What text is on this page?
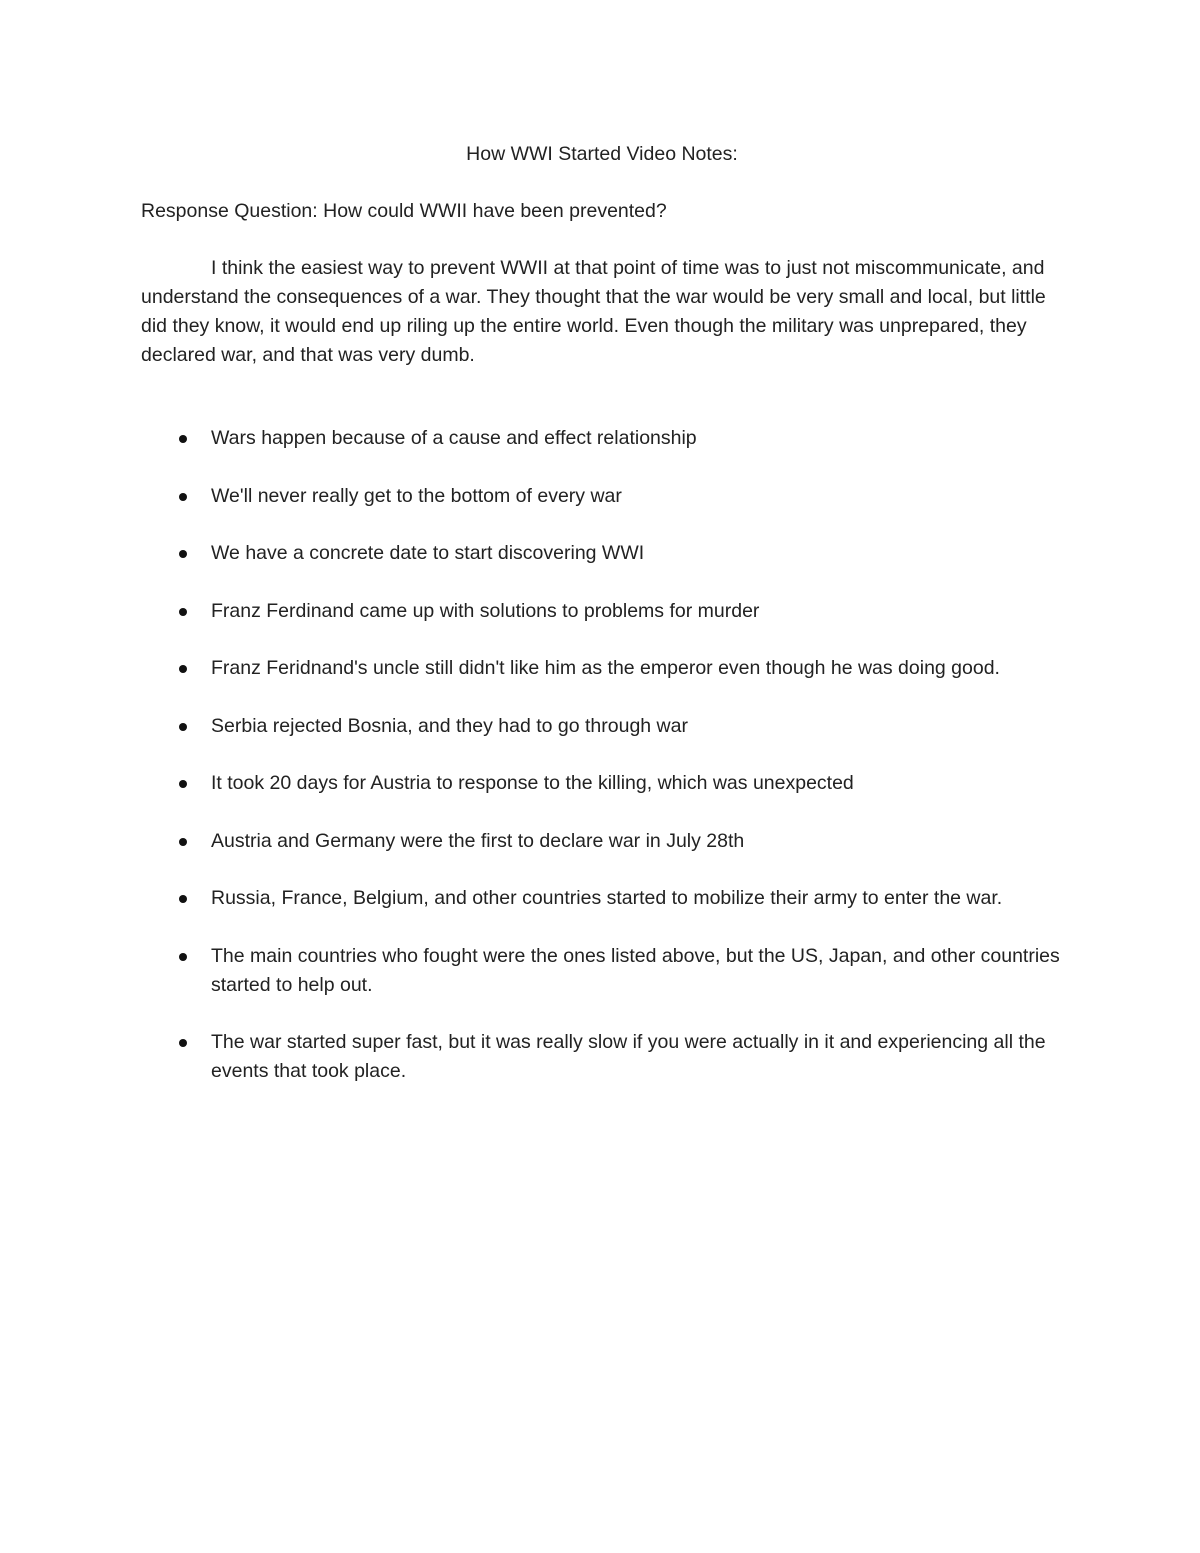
How WWI Started Video Notes:

Response Question: How could WWII have been prevented?

I think the easiest way to prevent WWII at that point of time was to just not miscommunicate, and understand the consequences of a war. They thought that the war would be very small and local, but little did they know, it would end up riling up the entire world. Even though the military was unprepared, they declared war, and that was very dumb.

Wars happen because of a cause and effect relationship
We'll never really get to the bottom of every war
We have a concrete date to start discovering WWI
Franz Ferdinand came up with solutions to problems for murder
Franz Feridnand's uncle still didn't like him as the emperor even though he was doing good.
Serbia rejected Bosnia, and they had to go through war
It took 20 days for Austria to response to the killing, which was unexpected
Austria and Germany were the first to declare war in July 28th
Russia, France, Belgium, and other countries started to mobilize their army to enter the war.
The main countries who fought were the ones listed above, but the US, Japan, and other countries started to help out.
The war started super fast, but it was really slow if you were actually in it and experiencing all the events that took place.
